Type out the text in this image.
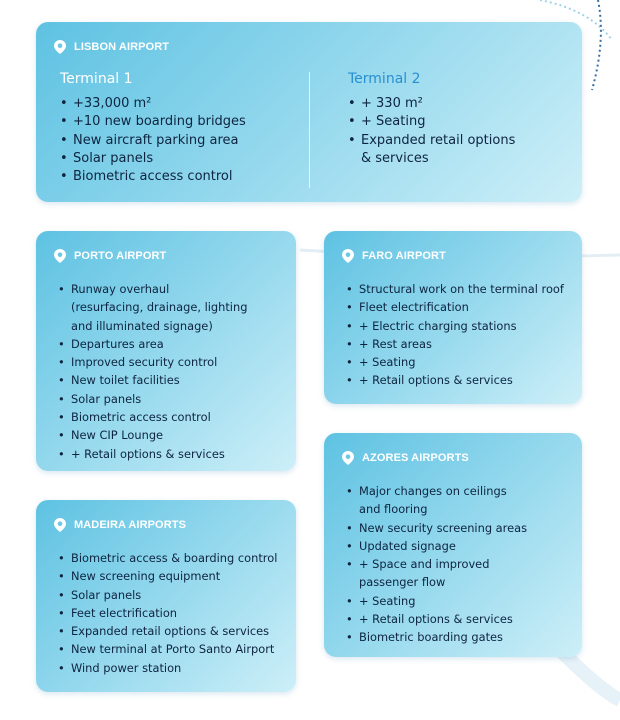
LISBON AIRPORT
Terminal 1
• +33,000 m²
• +10 new boarding bridges
• New aircraft parking area
• Solar panels
• Biometric access control
Terminal 2
• + 330 m²
• + Seating
• Expanded retail options
& services
PORTO AIRPORT
• Runway overhaul
(resurfacing, drainage, lighting
and illuminated signage)
• Departures area
• Improved security control
• New toilet facilities
• Solar panels
• Biometric access control
• New CIP Lounge
• + Retail options & services
FARO AIRPORT
• Structural work on the terminal roof
• Fleet electrification
• + Electric charging stations
• + Rest areas
• + Seating
• + Retail options & services
AZORES AIRPORTS
• Major changes on ceilings
and flooring
• New security screening areas
• Updated signage
• + Space and improved
passenger flow
• + Seating
• + Retail options & services
• Biometric boarding gates
MADEIRA AIRPORTS
• Biometric access & boarding control
• New screening equipment
• Solar panels
• Feet electrification
• Expanded retail options & services
• New terminal at Porto Santo Airport
• Wind power station
